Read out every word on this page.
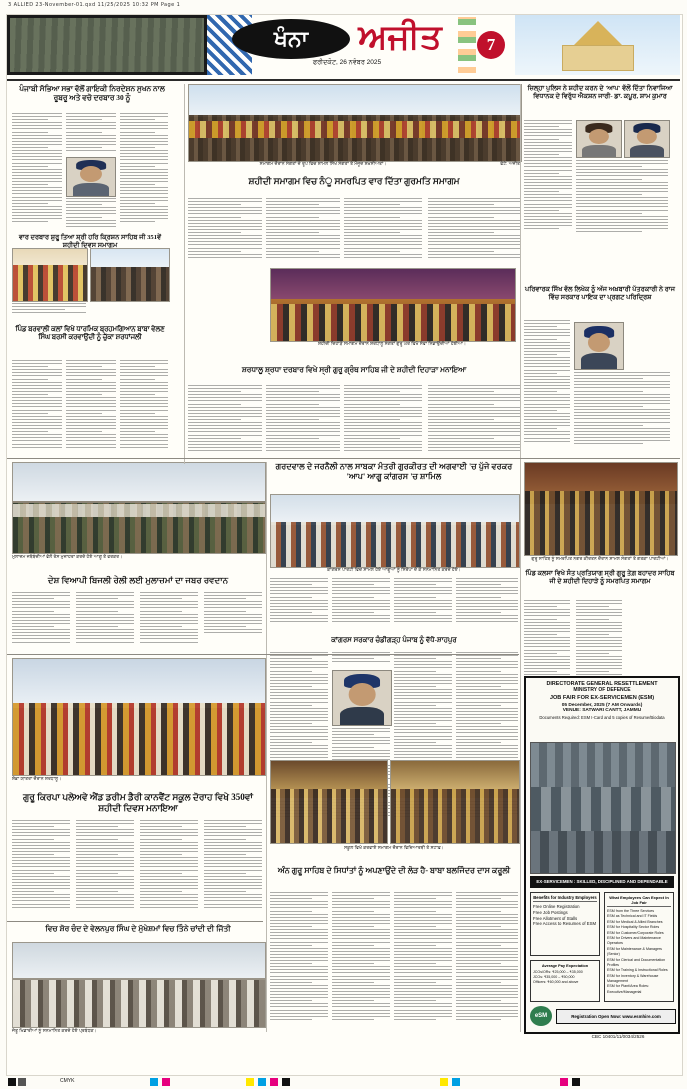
3 ALLIED 23-November-01.qxd 11/25/2025 10:32 PM Page 1
ਖੰਨਾ	ਅਜੀਤ
ਫਰੀਦਕੋਟ, 26 ਨਵੰਬਰ 2025
7
ਪੰਜਾਬੀ ਸੱਭਿਆ ਸਭਾ ਵੱਲੋਂ ਗਾਇਕੀ ਨਿਰਦੇਸ਼ਨ ਸੁਖਨ ਨਾਲ ਰੂਬਰੂ ਅਤੇ ਵਚੋ ਦਰਬਾਰ 30 ਨੂੰ
ਸਮਾਗਮ ਦੌਰਾਨ ਸੰਗਤਾਂ ਦੇ ਰੂਪ ਵਿਚ ਸ਼ਾਮਲ ਸਿੱਖ ਸੰਗਤਾਂ ਤੇ ਮੌਜੂਦ ਸ਼ਖ਼ਸੀਅਤਾਂ।	ਫੋਟੋ: ਅਜੀਤ
ਜ਼ਿਲ੍ਹਾ ਪੁਲਿਸ ਨੇ ਸ਼ਹੀਦ ਕਰਨ ਦੇ 'ਆਪ' ਵੱਲੋਂ ਦਿੱਤਾ ਨਿਵਾਜਿਆ ਵਿਧਾਨਕ ਦੇ ਵਿਰੁੱਧ ਐਕਸ਼ਨ ਜਾਰੀ- ਡਾ. ਕਪੂਰ, ਸ਼ਾਮ ਕੁਮਾਰ
ਸ਼ਹੀਦੀ ਸਮਾਗਮ ਵਿਚ ਨੰੂ ਸਮਰਪਿਤ ਵਾਰ ਦਿੱਤਾ ਗੁਰਮਤਿ ਸਮਾਗਮ
ਵਾਰ ਦਰਬਾਰ ਸ਼ੁਰੂ ਤਿਆ ਸ਼੍ਰੀ ਹਰਿ ਕ੍ਰਿਸ਼ਨ ਸਾਹਿਬ ਜੀ 351ਵੇਂ ਸ਼ਹੀਦੀ ਦਿਵਸ ਸਮਾਗਮ
ਸ਼ਹੀਦੀ ਦਿਹਾੜੇ ਸਮਾਗਮ ਦੌਰਾਨ ਸ਼ਰਧਾਲੂ ਸੰਗਤਾਂ ਗੁਰੂ ਘਰ ਵਿਖੇ ਸੇਵਾ ਨਿਭਾਉਂਦੀਆਂ ਹੋਈਆਂ।
ਪਰਿਵਾਰਕ ਸਿੱਖ ਵੱਲ ਲਿਖੇਕ ਨੂੰ ਅੱਜ ਅਖ਼ਬਾਰੀ ਪੱਤਰਕਾਰੀ ਨੇ ਰਾਜ ਵਿੱਚ ਸਰਕਾਰ ਪਾਇਕ ਦਾ ਪ੍ਰਗਟ ਪਰਿਦ੍ਰਿਸ਼
ਪਿੰਡ ਬਰਵਾਲੀ ਕਲਾਂ ਵਿਖੇ ਧਾਰਮਿਕ ਬ੍ਰਹਮਗਿਆਨ ਬਾਬਾ ਵੇਲਣ ਸਿੰਘ ਬਰਸੀ ਕਰਵਾਉਂਦੀ ਨੂੰ ਚੁੱਕਾ ਸ਼ਰਧਾਂਜਲੀ
ਸ਼ਰਧਾਲੂ ਸ਼੍ਰਧਾ ਦਰਬਾਰ ਵਿਖੇ ਸ੍ਰੀ ਗੁਰੂ ਗ੍ਰੰਥ ਸਾਹਿਬ ਜੀ ਦੇ ਸ਼ਹੀਦੀ ਦਿਹਾੜਾ ਮਨਾਇਆ
ਮੁਲਾਜ਼ਮ ਜਥੇਬੰਦੀਆਂ ਵੱਲੋਂ ਰੋਸ ਮੁਜ਼ਾਹਰਾ ਕਰਦੇ ਹੋਏ ਆਗੂ ਤੇ ਵਰਕਰ।
ਗਰਦਵਾਲ ਦੇ ਜਰਨੈਲੀ ਨਾਲ ਸਾਬਕਾ ਮੰਤਰੀ ਗੁਰਕੀਰਤ ਦੀ ਅਗਵਾਈ 'ਚ ਪੁੱਜੇ ਵਰਕਰ 'ਆਪ' ਆਗੂ ਕਾਂਗਰਸ 'ਚ ਸ਼ਾਮਿਲ
ਕਾਂਗਰਸ ਪਾਰਟੀ ਵਿਚ ਸ਼ਾਮਲ ਹੋਏ ਆਗੂਆਂ ਨੂੰ ਸਿਰੋਪਾ ਦੇ ਕੇ ਸਨਮਾਨਿਤ ਕਰਦੇ ਹੋਏ।
ਗੁਰੂ ਸਾਹਿਬ ਨੂੰ ਸਮਰਪਿਤ ਨਗਰ ਕੀਰਤਨ ਦੌਰਾਨ ਸ਼ਾਮਲ ਸੰਗਤਾਂ ਤੇ ਗਤਕਾ ਪਾਰਟੀਆਂ।
ਦੇਸ਼ ਵਿਆਪੀ ਬਿਜਲੀ ਰੇਲੀ ਲਈ ਮੁਲਾਜ਼ਮਾਂ ਦਾ ਜਬਰ ਰਵਦਾਨ
ਕਾਂਗਰਸ ਸਰਕਾਰ ਚੰਡੀਗੜ੍ਹ ਪੰਜਾਬ ਨੂੰ ਵੱਧੋ-ਸ਼ਾਹਪੁਰ
ਪਿੰਡ ਕਲਸਾ ਵਿਖੇ ਸੰਤ ਪ੍ਰਤਿਯਾਗ ਸ੍ਰੀ ਗੁਰੂ ਤੇਗ਼ ਬਹਾਦਰ ਸਾਹਿਬ ਜੀ ਦੇ ਸ਼ਹੀਦੀ ਦਿਹਾੜੇ ਨੂੰ ਸਮਰਪਿਤ ਸਮਾਗਮ
ਸ਼ੋਭਾ ਯਾਤਰਾ ਦੌਰਾਨ ਸ਼ਰਧਾਲੂ।
ਗੁਰੂ ਕਿਰਪਾ ਪਲੇਅਵੇ ਐਂਡ ਡਰੀਮ ਡੈਰੀ ਕਾਨਵੈਂਟ ਸਕੂਲ ਦੋਰਾਹ ਵਿਖੇ 350ਵਾਂ ਸ਼ਹੀਦੀ ਦਿਵਸ ਮਨਾਇਆ
ਸਕੂਲ ਵਿਖੇ ਕਰਵਾਏ ਸਮਾਗਮ ਦੌਰਾਨ ਵਿਦਿਆਰਥੀ ਤੇ ਸਟਾਫ਼।
ਅੰਨ ਗੁਰੂ ਸਾਹਿਬ ਦੇ ਸਿਧਾਂਤਾਂ ਨੂੰ ਅਪਣਾਉਂਦੇ ਦੀ ਲੋੜ ਹੈ- ਬਾਬਾ ਬਲਜਿੰਦਰ ਦਾਸ ਕਰੂਲੀ
ਵਿਚ ਸ਼ੋਰ ਚੰਦ ਦੇ ਵੇਲਨਪੁਰ ਸਿੰਘ ਦੇ ਮੁੱਖੇਸ਼ਮਾਂ ਵਿਚ ਤਿੰਨੇ ਚਾਂਦੀ ਦੀ ਜਿੱਤੀ
ਜੇਤੂ ਖਿਡਾਰੀਆਂ ਨੂੰ ਸਨਮਾਨਿਤ ਕਰਦੇ ਹੋਏ ਪ੍ਰਬੰਧਕ।
DIRECTORATE GENERAL RESETTLEMENT
MINISTRY OF DEFENCE
JOB FAIR FOR EX-SERVICEMEN (ESM)
05 December, 2025 (7 AM Onwards)
VENUE: SATWARI CANTT, JAMMU
Documents Required: ESM I-Card and 5 copies of Resume/Biodata
EX-SERVICEMEN : SKILLED, DISCIPLINED AND DEPENDABLE
Benefits for Industry Employers
Free Online Registration
Free Job Postings
Free Allotment of Stalls
Free Access to Resumes of ESM
What Employees Can Expect In Job Fair
ESM from the Three Services
ESM as Technical and IT Fields
ESM for Medical & Allied Branches
ESM for Hospitality Sector Roles
ESM for Customer/Corporate Roles
ESM for Drivers and Maintenance Operators
ESM for Maintenance & Managers (Senior)
ESM for Clerical and Documentation Profiles
ESM for Training & Instructional Roles
ESM for Inventory & Warehouse Management
ESM for Plant/Area Roles: Executive/Managerial
Average Pay Expectation
JCOs/ORs: ₹25,000 – ₹35,000
JCOs: ₹35,000 – ₹50,000
Officers: ₹60,000 and above
eSM	Registration Open Now: www.esmhire.com
CBC 10401/11/0034/2526
CMYK
